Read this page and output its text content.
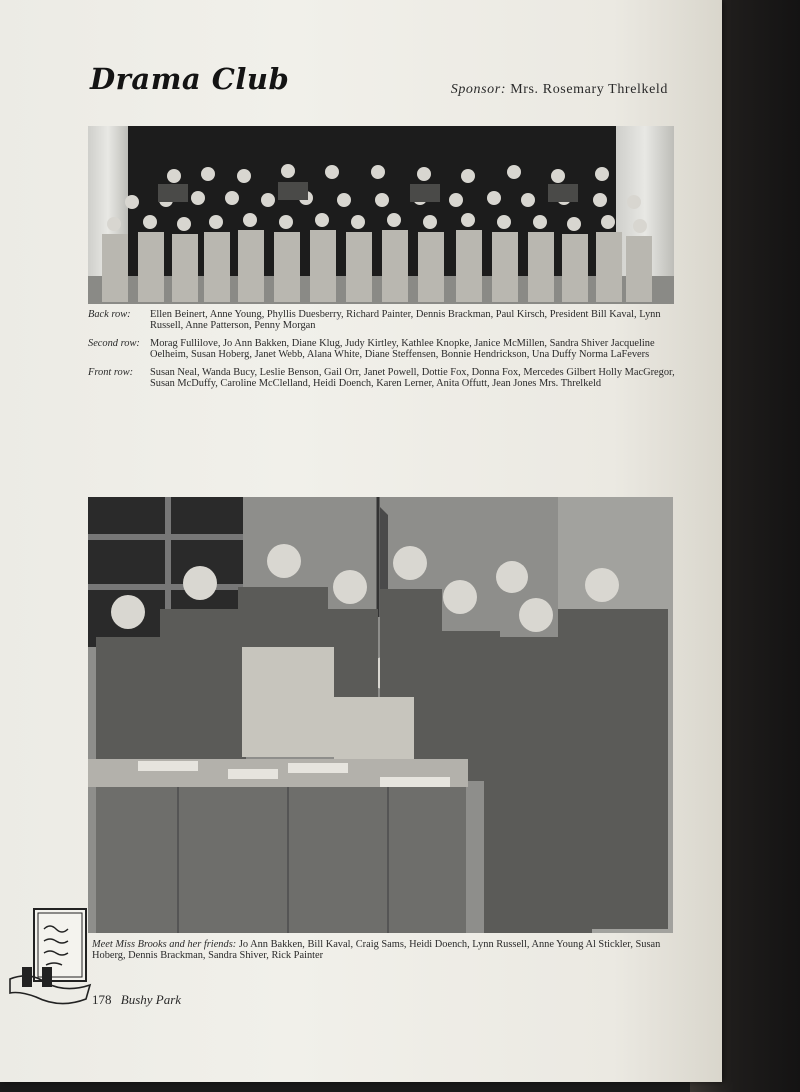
Drama Club	Sponsor: Mrs. Rosemary Threlkeld
Back row:	Ellen Beinert, Anne Young, Phyllis Duesberry, Richard Painter, Dennis Brackman, Paul Kirsch, President Bill Kaval, Lynn Russell, Anne Patterson, Penny Morgan
Second row: Morag Fullilove, Jo Ann Bakken, Diane Klug, Judy Kirtley, Kathlee Knopke, Janice McMillen, Sandra Shiver Jacqueline Oelheim, Susan Hoberg, Janet Webb, Alana White, Diane Steffensen, Bonnie Hendrickson, Una Duffy Norma LaFevers
Front row:	Susan Neal, Wanda Bucy, Leslie Benson, Gail Orr, Janet Powell, Dottie Fox, Donna Fox, Mercedes Gilbert Holly MacGregor, Susan McDuffy, Caroline McClelland, Heidi Doench, Karen Lerner, Anita Offutt, Jean Jones Mrs. Threlkeld
Meet Miss Brooks and her friends: Jo Ann Bakken, Bill Kaval, Craig Sams, Heidi Doench, Lynn Russell, Anne Young Al Stickler, Susan Hoberg, Dennis Brackman, Sandra Shiver, Rick Painter
178 Bushy Park
